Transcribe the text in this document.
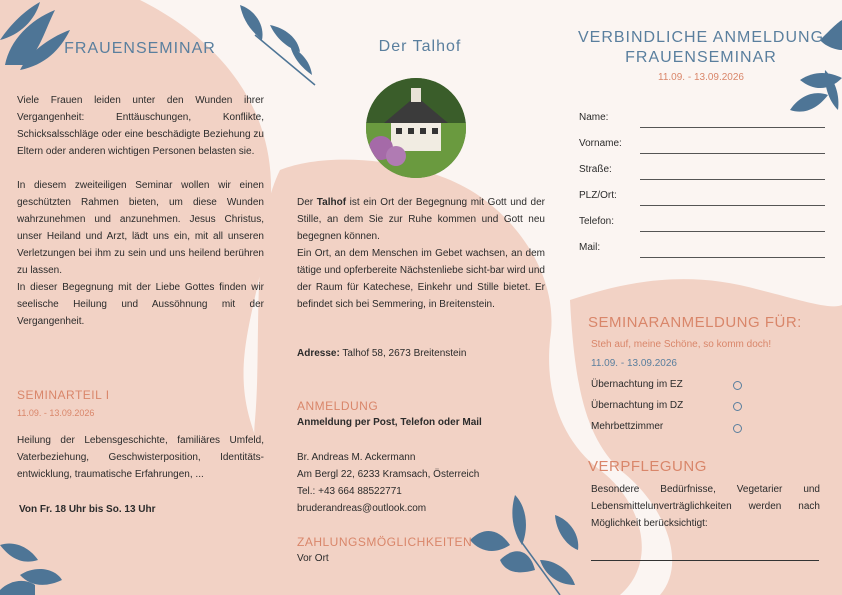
FRAUENSEMINAR

Viele Frauen leiden unter den Wunden ihrer Vergangenheit: Enttäuschungen, Konflikte, Schicksalsschläge oder eine beschädigte Beziehung zu Eltern oder anderen wichtigen Personen belasten sie.

In diesem zweiteiligen Seminar wollen wir einen geschützten Rahmen bieten, um diese Wunden wahrzunehmen und anzunehmen. Jesus Christus, unser Heiland und Arzt, lädt uns ein, mit all unseren Verletzungen bei ihm zu sein und uns heilend berühren zu lassen.

In dieser Begegnung mit der Liebe Gottes finden wir seelische Heilung und Aussöhnung mit der Vergangenheit.

SEMINARTEIL I
11.09. - 13.09.2026

Heilung der Lebensgeschichte, familiäres Umfeld, Vaterbeziehung, Geschwisterposition, Identitäts-entwicklung, traumatische Erfahrungen, ...

Von Fr. 18 Uhr bis So. 13 Uhr
Der Talhof

Der Talhof ist ein Ort der Begegnung mit Gott und der Stille, an dem Sie zur Ruhe kommen und Gott neu begegnen können.

Ein Ort, an dem Menschen im Gebet wachsen, an dem tätige und opferbereite Nächstenliebe sicht-bar wird und der Raum für Katechese, Einkehr und Stille bietet. Er befindet sich bei Semmering, in Breitenstein.

Adresse: Talhof 58, 2673 Breitenstein
ANMELDUNG
Anmeldung per Post, Telefon oder Mail
Br. Andreas M. Ackermann
Am Bergl 22, 6233 Kramsach, Österreich
Tel.: +43 664 88522771
bruderandreas@outlook.com
ZAHLUNGSMÖGLICHKEITEN
Vor Ort
VERBINDLICHE ANMELDUNG
FRAUENSEMINAR
11.09. - 13.09.2026
Name:
Vorname:
Straße:
PLZ/Ort:
Telefon:
Mail:
SEMINARANMELDUNG FÜR:
Steh auf, meine Schöne, so komm doch!
11.09. - 13.09.2026
Übernachtung im EZ
Übernachtung im DZ
Mehrbettzimmer
VERPFLEGUNG

Besondere Bedürfnisse, Vegetarier und Lebensmittelunverträglichkeiten werden nach Möglichkeit berücksichtigt:
